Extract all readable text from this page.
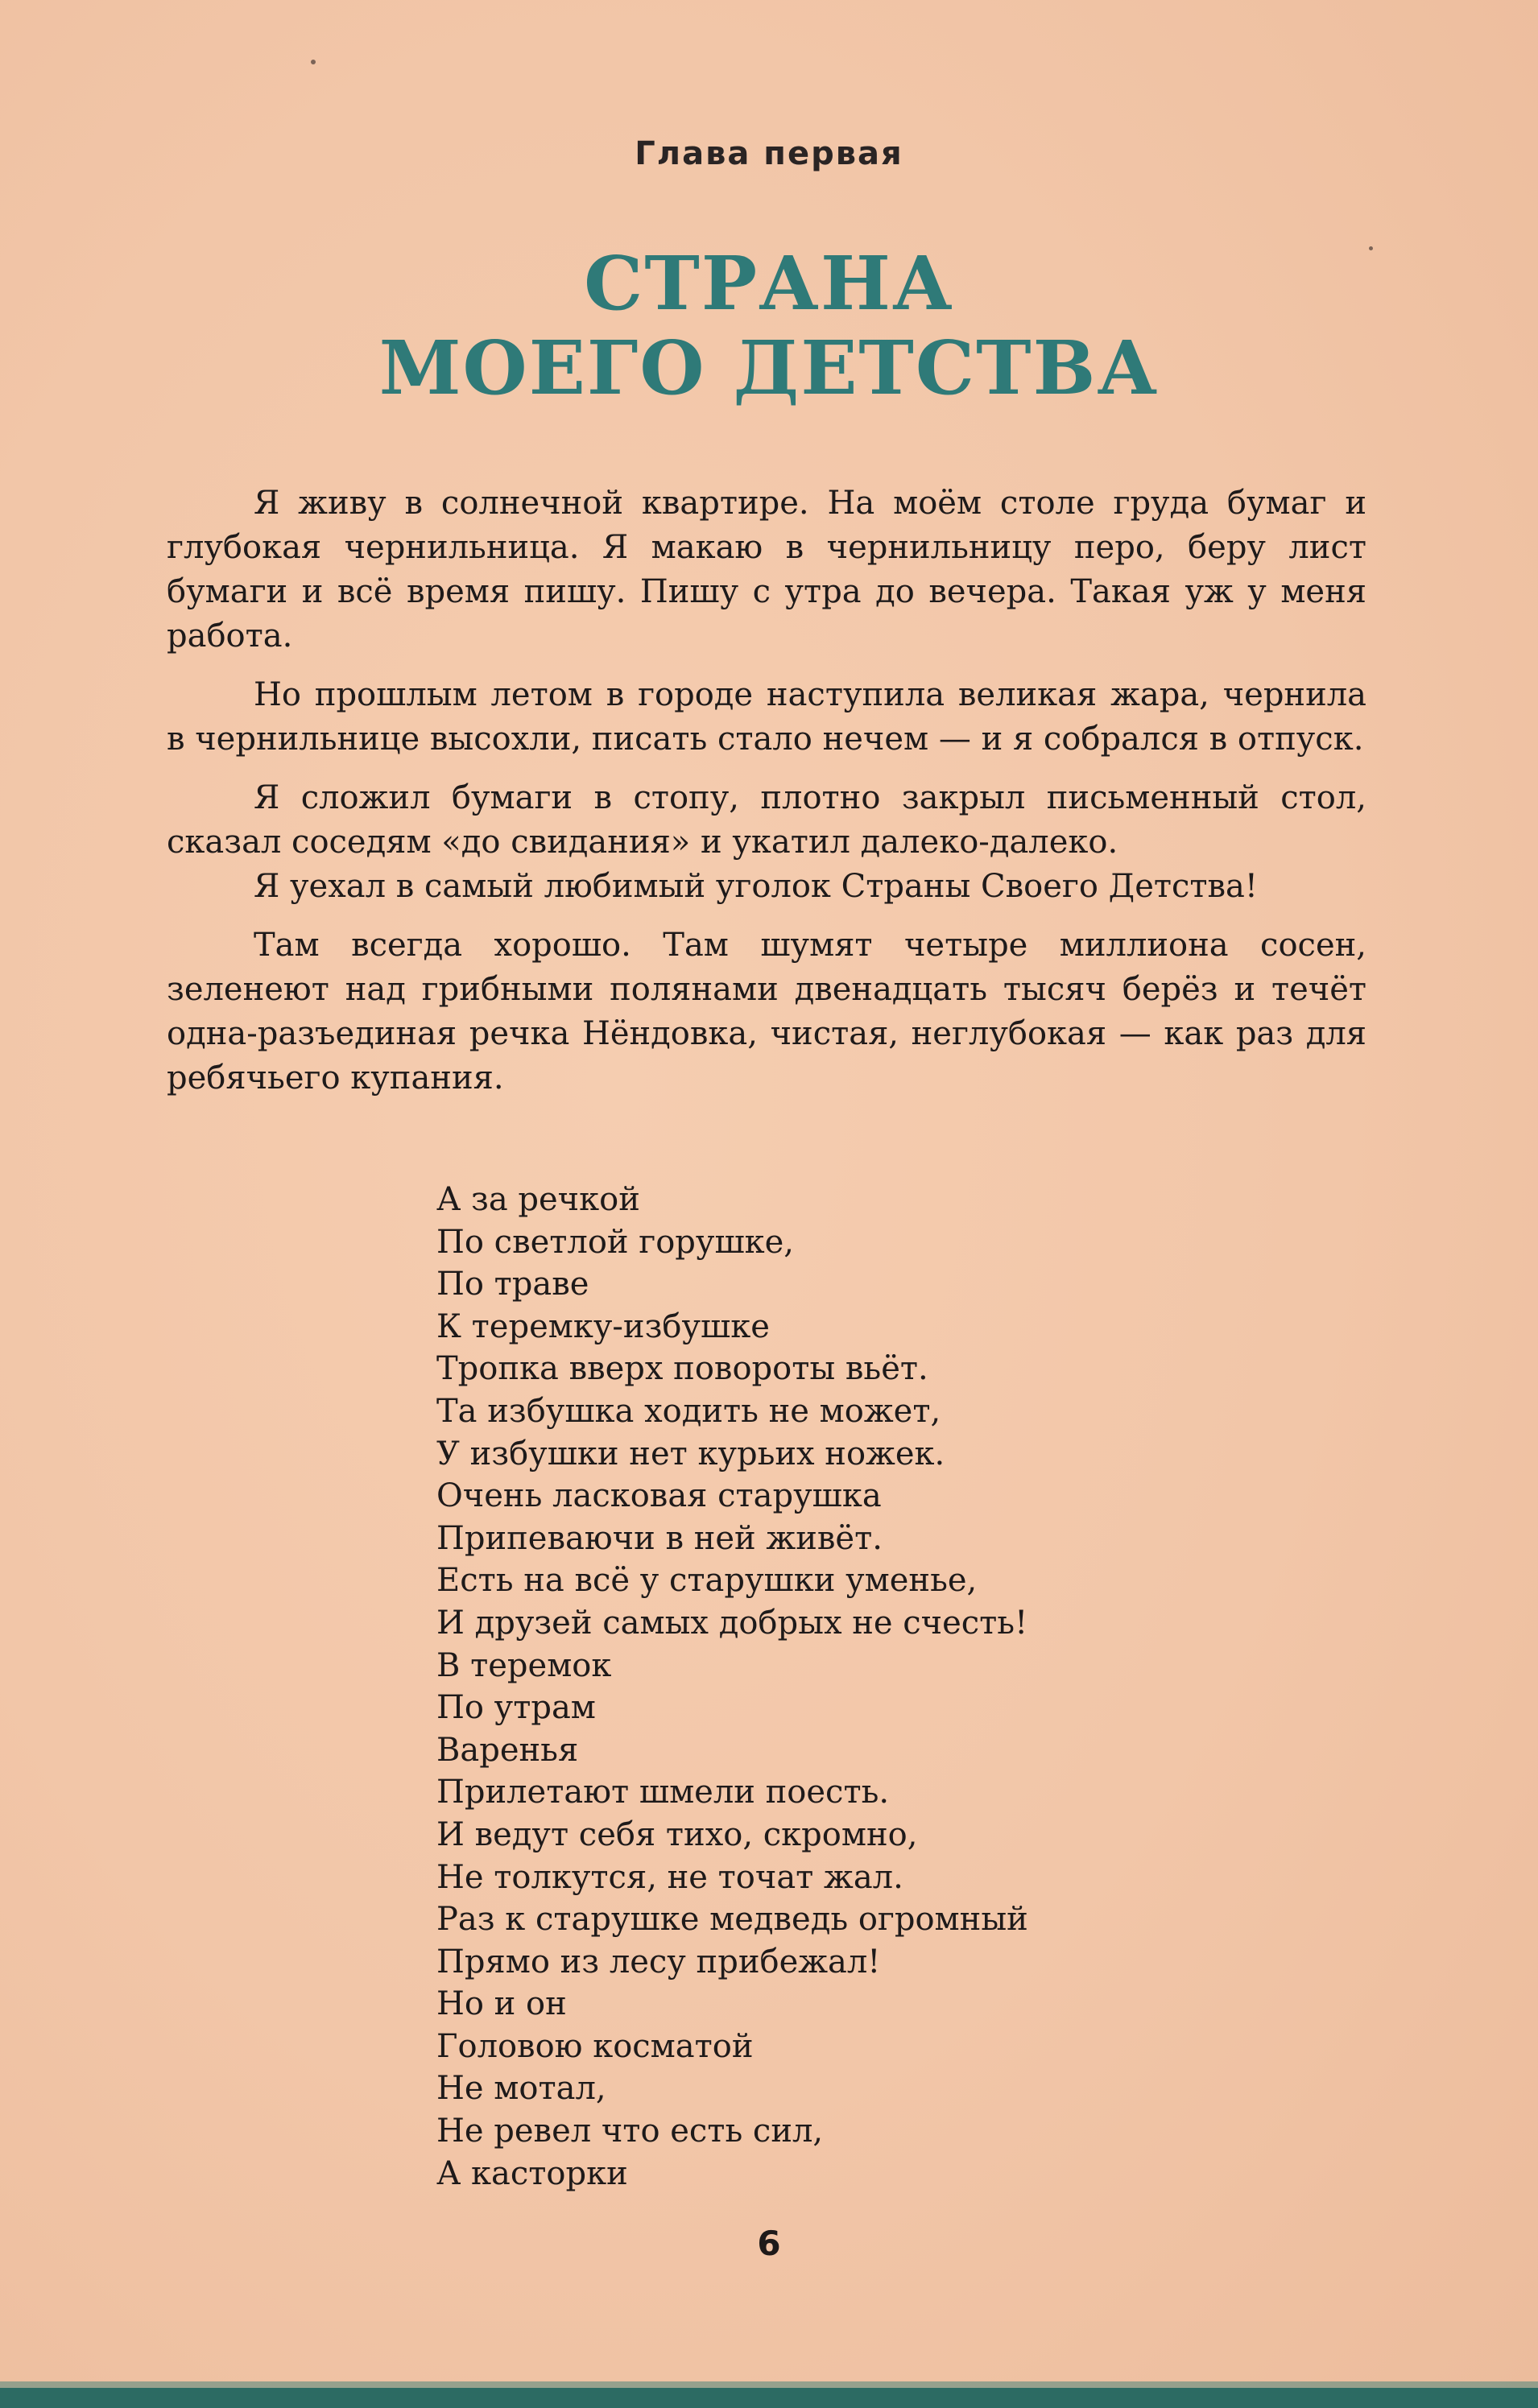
Глава первая
СТРАНА
МОЕГО ДЕТСТВА

Я живу в солнечной квартире. На моём столе груда бумаг и глубокая чернильница. Я макаю в чернильницу перо, беру лист бумаги и всё время пишу. Пишу с утра до вечера. Такая уж у меня работа.

Но прошлым летом в городе наступила великая жара, чернила в чернильнице высохли, писать стало нечем — и я собрался в отпуск.

Я сложил бумаги в стопу, плотно закрыл письменный стол, сказал соседям «до свидания» и укатил далеко-далеко.

Я уехал в самый любимый уголок Страны Своего Детства!

Там всегда хорошо. Там шумят четыре миллиона сосен, зеленеют над грибными полянами двенадцать тысяч берёз и течёт одна-разъединая речка Нёндовка, чистая, неглубокая — как раз для ребячьего купания.

А за речкой
По светлой горушке,
По траве
К теремку-избушке
Тропка вверх повороты вьёт.
Та избушка ходить не может,
У избушки нет курьих ножек.
Очень ласковая старушка
Припеваючи в ней живёт.
Есть на всё у старушки уменье,
И друзей самых добрых не счесть!
В теремок
По утрам
Варенья
Прилетают шмели поесть.
И ведут себя тихо, скромно,
Не толкутся, не точат жал.
Раз к старушке медведь огромный
Прямо из лесу прибежал!
Но и он
Головою косматой
Не мотал,
Не ревел что есть сил,
А касторки
6
